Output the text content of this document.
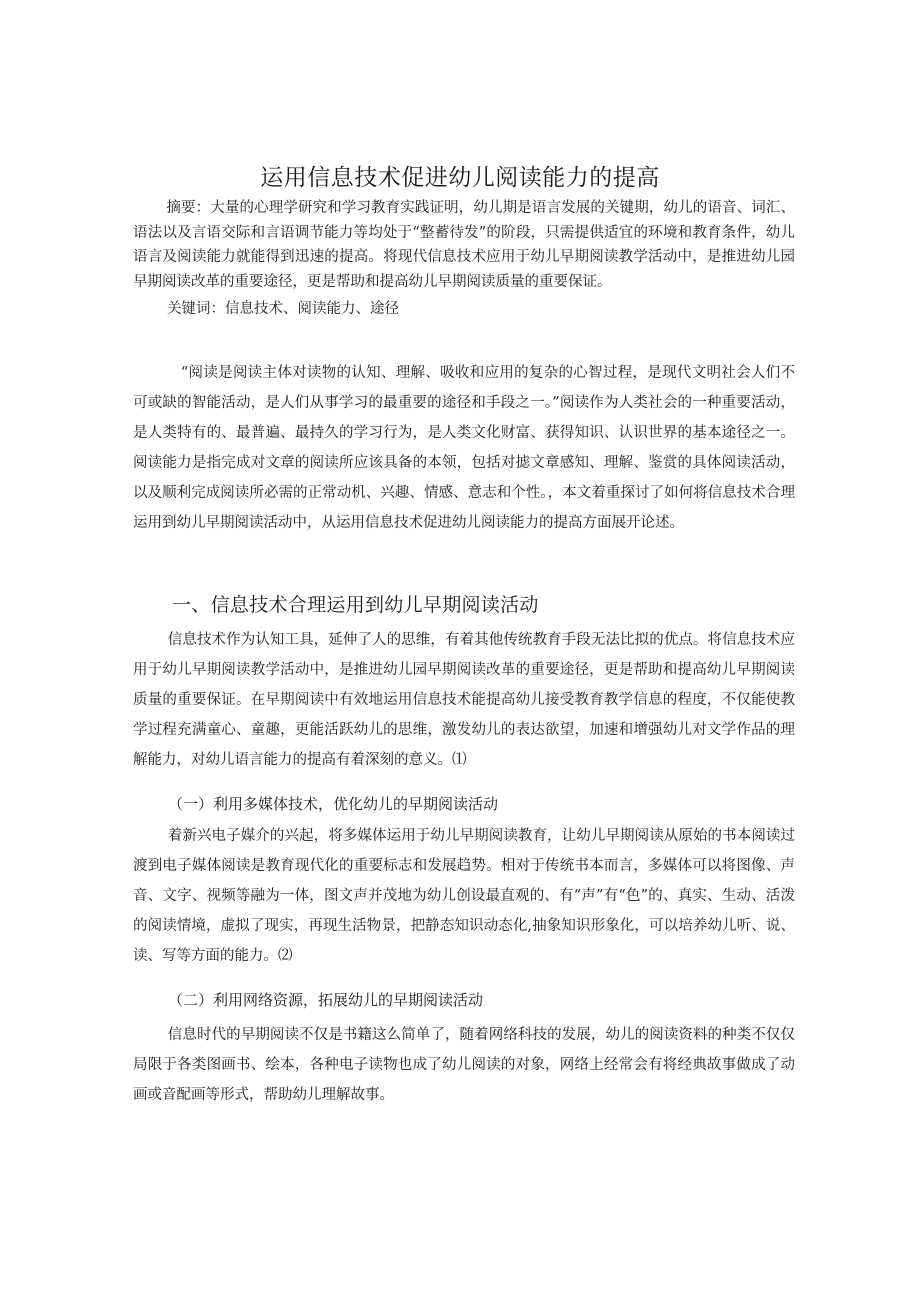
运用信息技术促进幼儿阅读能力的提高

摘要：大量的心理学研究和学习教育实践证明，幼儿期是语言发展的关键期，幼儿的语音、词汇、语法以及言语交际和言语调节能力等均处于“整蓄待发”的阶段，只需提供适宜的环境和教育条件，幼儿语言及阅读能力就能得到迅速的提高。将现代信息技术应用于幼儿早期阅读教学活动中，是推进幼儿园早期阅读改革的重要途径，更是帮助和提高幼儿早期阅读质量的重要保证。

关键词：信息技术、阅读能力、途径

“阅读是阅读主体对读物的认知、理解、吸收和应用的复杂的心智过程，是现代文明社会人们不可或缺的智能活动，是人们从事学习的最重要的途径和手段之一。”阅读作为人类社会的一种重要活动，是人类特有的、最普遍、最持久的学习行为，是人类文化财富、获得知识、认识世界的基本途径之一。阅读能力是指完成对文章的阅读所应该具备的本领，包括对摅文章感知、理解、鉴赏的具体阅读活动，以及顺利完成阅读所必需的正常动机、兴趣、情感、意志和个性。，本文着重探讨了如何将信息技术合理运用到幼儿早期阅读活动中，从运用信息技术促进幼儿阅读能力的提高方面展开论述。

一、信息技术合理运用到幼儿早期阅读活动

信息技术作为认知工具，延伸了人的思维，有着其他传统教育手段无法比拟的优点。将信息技术应用于幼儿早期阅读教学活动中，是推进幼儿园早期阅读改革的重要途径，更是帮助和提高幼儿早期阅读质量的重要保证。在早期阅读中有效地运用信息技术能提高幼儿接受教育教学信息的程度，不仅能使教学过程充满童心、童趣，更能活跃幼儿的思维，激发幼儿的表达欲望，加速和增强幼儿对文学作品的理解能力，对幼儿语言能力的提高有着深刻的意义。⑴

（一）利用多媒体技术，优化幼儿的早期阅读活动

着新兴电子媒介的兴起，将多媒体运用于幼儿早期阅读教育，让幼儿早期阅读从原始的书本阅读过渡到电子媒体阅读是教育现代化的重要标志和发展趋势。相对于传统书本而言，多媒体可以将图像、声音、文字、视频等融为一体，图文声并茂地为幼儿创设最直观的、有“声”有“色”的、真实、生动、活泼的阅读情境，虚拟了现实，再现生活物景，把静态知识动态化,抽象知识形象化，可以培养幼儿听、说、读、写等方面的能力。⑵

（二）利用网络资源，拓展幼儿的早期阅读活动

信息时代的早期阅读不仅是书籍这么简单了，随着网络科技的发展，幼儿的阅读资料的种类不仅仅局限于各类图画书、绘本，各种电子读物也成了幼儿阅读的对象，网络上经常会有将经典故事做成了动画或音配画等形式，帮助幼儿理解故事。
